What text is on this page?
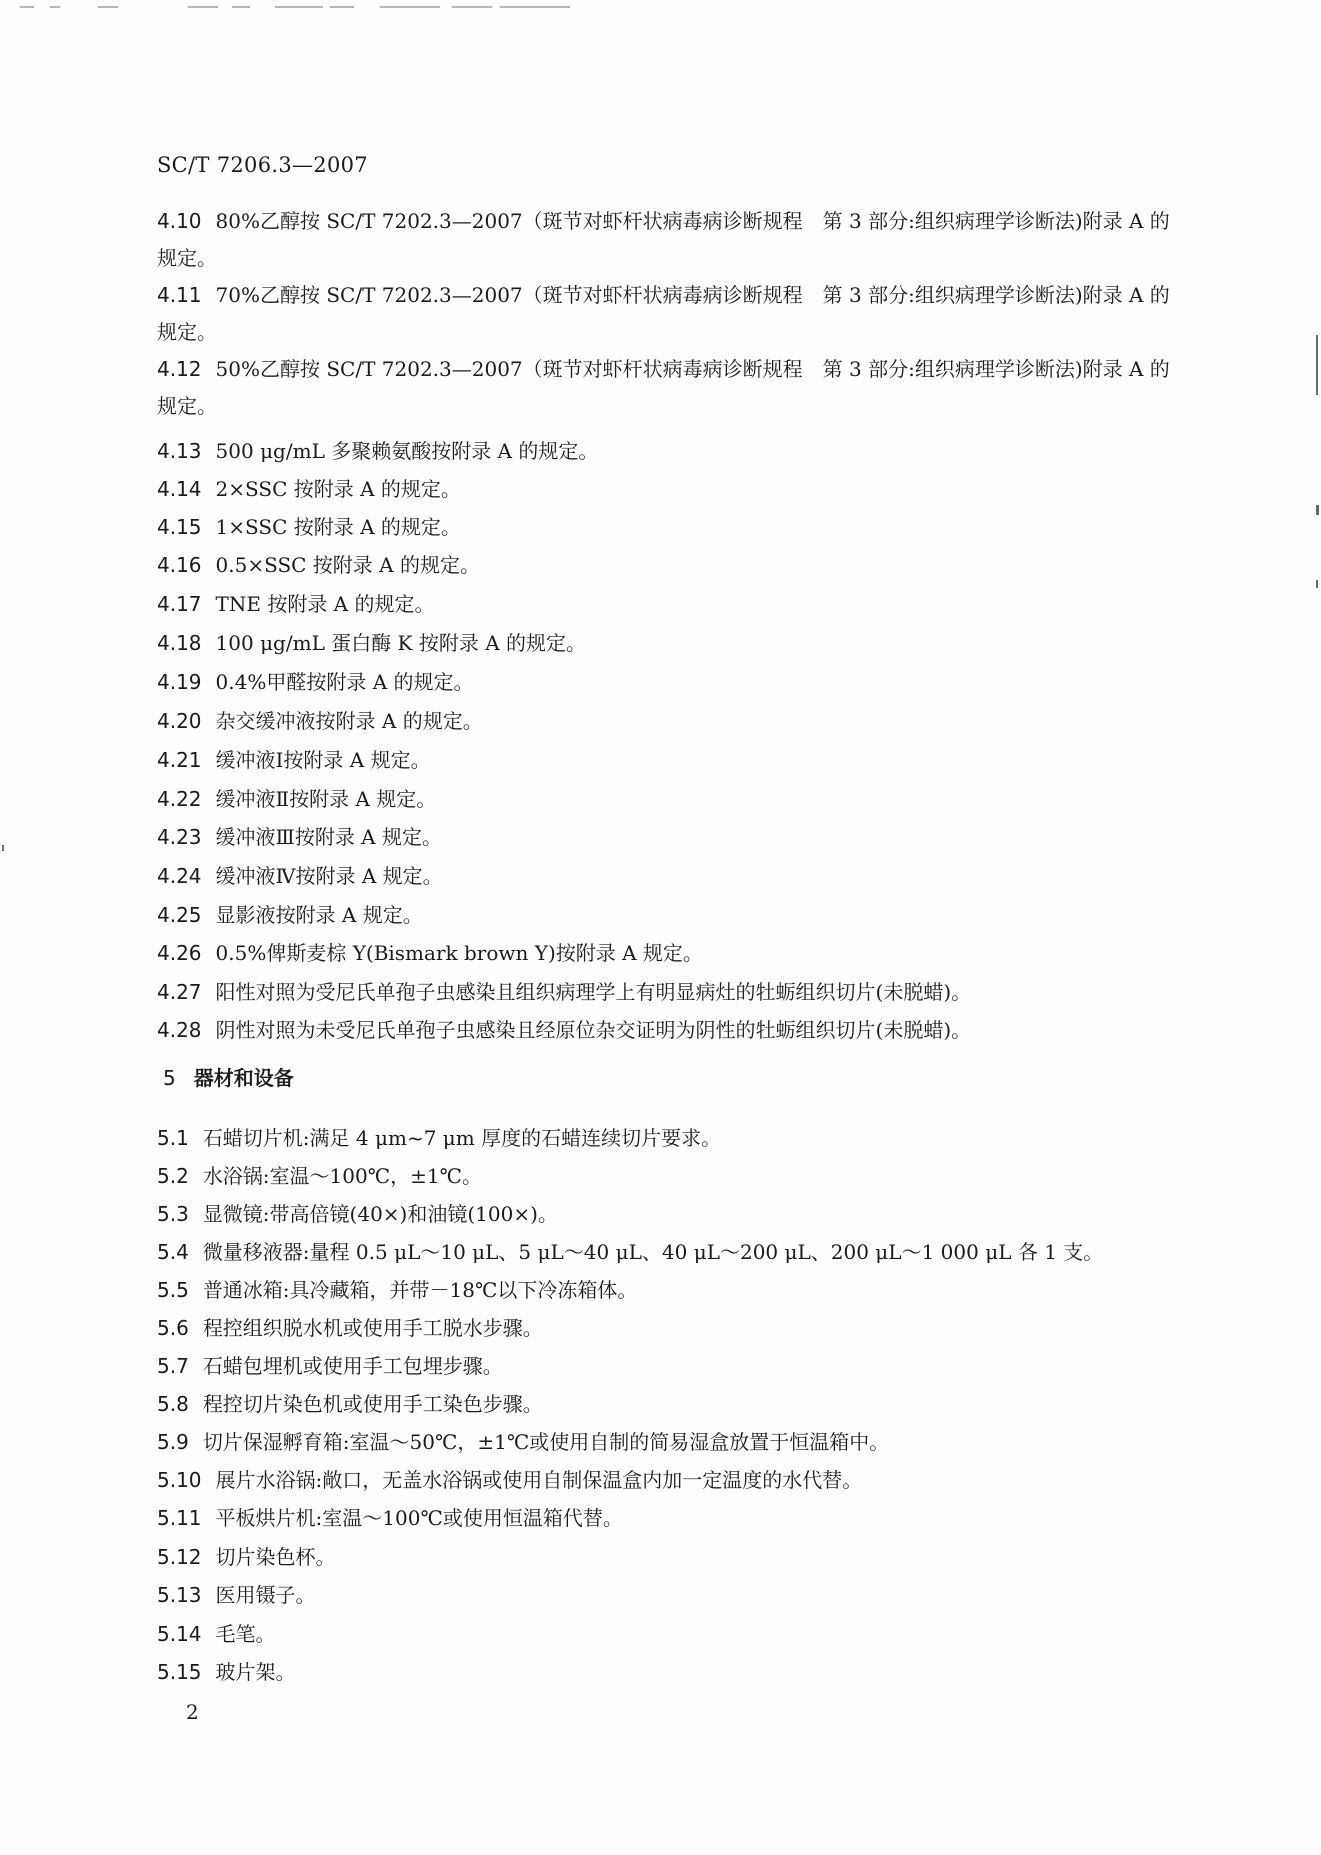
SC/T 7206.3—2007
4.10 80%乙醇按 SC/T 7202.3—2007（斑节对虾杆状病毒病诊断规程　第 3 部分:组织病理学诊断法)附录 A 的规定。
4.11 70%乙醇按 SC/T 7202.3—2007（斑节对虾杆状病毒病诊断规程　第 3 部分:组织病理学诊断法)附录 A 的规定。
4.12 50%乙醇按 SC/T 7202.3—2007（斑节对虾杆状病毒病诊断规程　第 3 部分:组织病理学诊断法)附录 A 的规定。
4.13 500 μg/mL 多聚赖氨酸按附录 A 的规定。
4.14 2×SSC 按附录 A 的规定。
4.15 1×SSC 按附录 A 的规定。
4.16 0.5×SSC 按附录 A 的规定。
4.17 TNE 按附录 A 的规定。
4.18 100 μg/mL 蛋白酶 K 按附录 A 的规定。
4.19 0.4%甲醛按附录 A 的规定。
4.20 杂交缓冲液按附录 A 的规定。
4.21 缓冲液Ⅰ按附录 A 规定。
4.22 缓冲液Ⅱ按附录 A 规定。
4.23 缓冲液Ⅲ按附录 A 规定。
4.24 缓冲液Ⅳ按附录 A 规定。
4.25 显影液按附录 A 规定。
4.26 0.5%俾斯麦棕 Y(Bismark brown Y)按附录 A 规定。
4.27 阳性对照为受尼氏单孢子虫感染且组织病理学上有明显病灶的牡蛎组织切片(未脱蜡)。
4.28 阴性对照为未受尼氏单孢子虫感染且经原位杂交证明为阴性的牡蛎组织切片(未脱蜡)。
5 器材和设备
5.1 石蜡切片机:满足 4 μm~7 μm 厚度的石蜡连续切片要求。
5.2 水浴锅:室温～100℃，±1℃。
5.3 显微镜:带高倍镜(40×)和油镜(100×)。
5.4 微量移液器:量程 0.5 μL～10 μL、5 μL～40 μL、40 μL～200 μL、200 μL～1 000 μL 各 1 支。
5.5 普通冰箱:具冷藏箱，并带－18℃以下冷冻箱体。
5.6 程控组织脱水机或使用手工脱水步骤。
5.7 石蜡包埋机或使用手工包埋步骤。
5.8 程控切片染色机或使用手工染色步骤。
5.9 切片保湿孵育箱:室温～50℃，±1℃或使用自制的简易湿盒放置于恒温箱中。
5.10 展片水浴锅:敞口，无盖水浴锅或使用自制保温盒内加一定温度的水代替。
5.11 平板烘片机:室温～100℃或使用恒温箱代替。
5.12 切片染色杯。
5.13 医用镊子。
5.14 毛笔。
5.15 玻片架。
2
